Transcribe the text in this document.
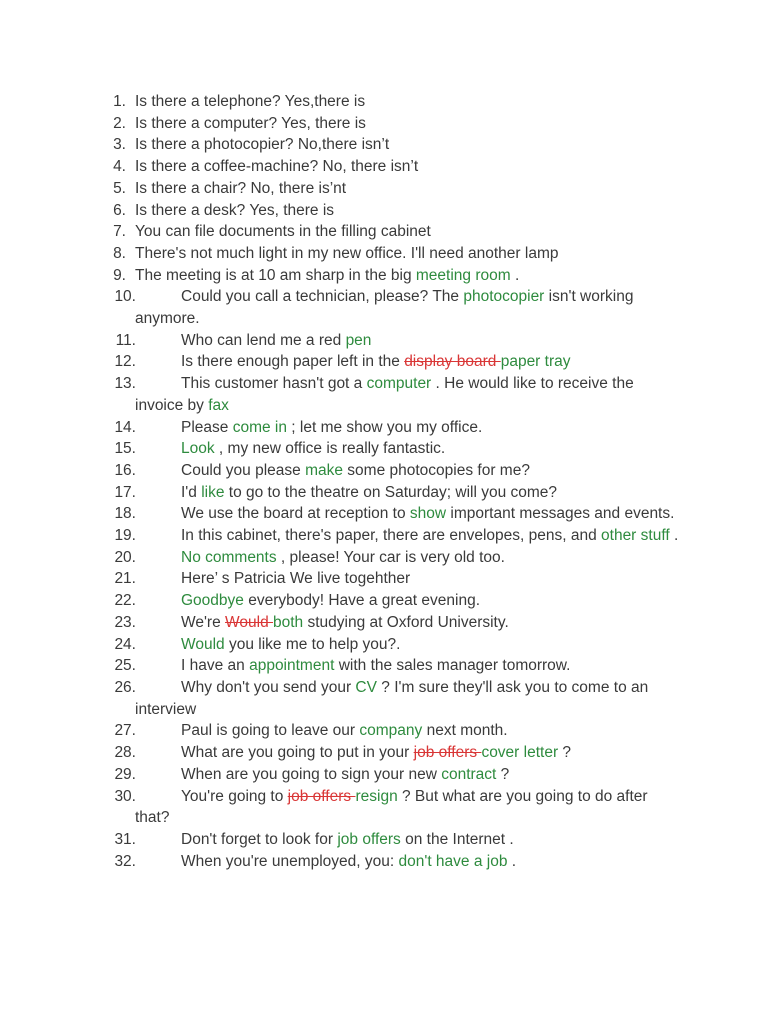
1. Is there a telephone? Yes,there is
2. Is there a computer? Yes, there is
3. Is there a photocopier? No,there isn’t
4. Is there a coffee-machine? No, there isn’t
5. Is there a chair? No, there is’nt
6. Is there a desk? Yes, there is
7. You can file documents in the filling cabinet
8. There's not much light in my new office. I'll need another lamp
9. The meeting is at 10 am sharp in the big meeting room .
10.	Could you call a technician, please? The photocopier isn't working anymore.
11.	Who can lend me a red pen
12.	Is there enough paper left in the display board paper tray
13.	This customer hasn't got a computer . He would like to receive the invoice by fax
14.	Please come in ; let me show you my office.
15.	Look , my new office is really fantastic.
16.	Could you please make some photocopies for me?
17.	I'd like to go to the theatre on Saturday; will you come?
18.	We use the board at reception to show important messages and events.
19.	In this cabinet, there's paper, there are envelopes, pens, and other stuff .
20.	No comments , please! Your car is very old too.
21.	Here’ s Patricia We live togehther
22.	Goodbye everybody! Have a great evening.
23.	We're Would both studying at Oxford University.
24.	Would you like me to help you?.
25.	I have an appointment with the sales manager tomorrow.
26.	Why don't you send your CV ? I'm sure they'll ask you to come to an interview
27.	Paul is going to leave our company next month.
28.	What are you going to put in your job offers cover letter ?
29.	When are you going to sign your new contract ?
30.	You're going to job offers resign ? But what are you going to do after that?
31.	Don't forget to look for job offers on the Internet .
32.	When you're unemployed, you: don't have a job .
